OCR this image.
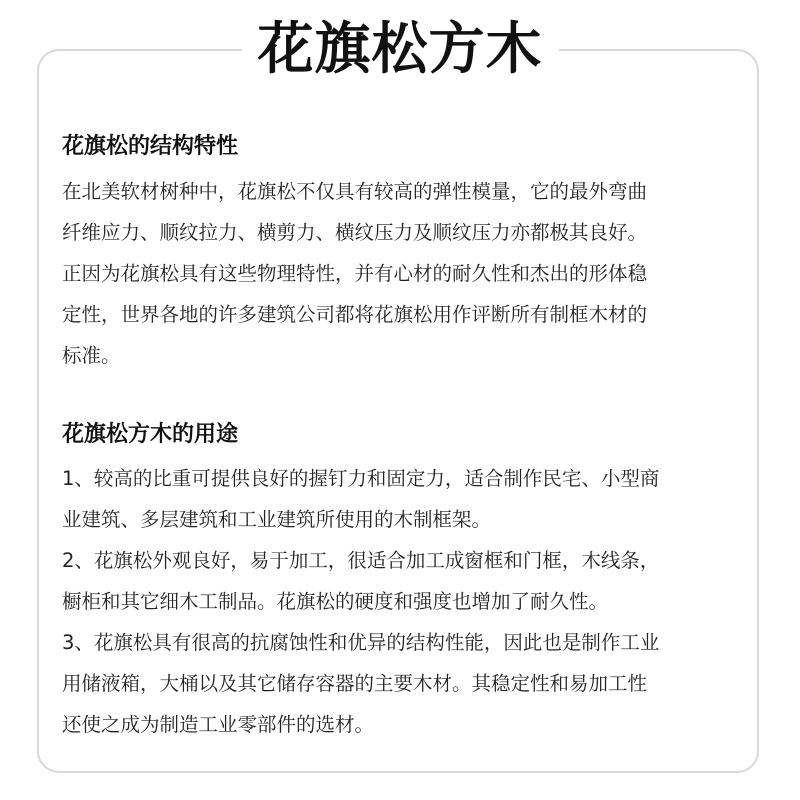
花旗松方木
花旗松的结构特性

在北美软材树种中，花旗松不仅具有较高的弹性模量，它的最外弯曲
纤维应力、顺纹拉力、横剪力、横纹压力及顺纹压力亦都极其良好。
正因为花旗松具有这些物理特性，并有心材的耐久性和杰出的形体稳
定性，世界各地的许多建筑公司都将花旗松用作评断所有制框木材的
标准。

花旗松方木的用途

1、较高的比重可提供良好的握钉力和固定力，适合制作民宅、小型商
业建筑、多层建筑和工业建筑所使用的木制框架。
2、花旗松外观良好，易于加工，很适合加工成窗框和门框，木线条，
橱柜和其它细木工制品。花旗松的硬度和强度也增加了耐久性。
3、花旗松具有很高的抗腐蚀性和优异的结构性能，因此也是制作工业
用储液箱，大桶以及其它储存容器的主要木材。其稳定性和易加工性
还使之成为制造工业零部件的选材。
